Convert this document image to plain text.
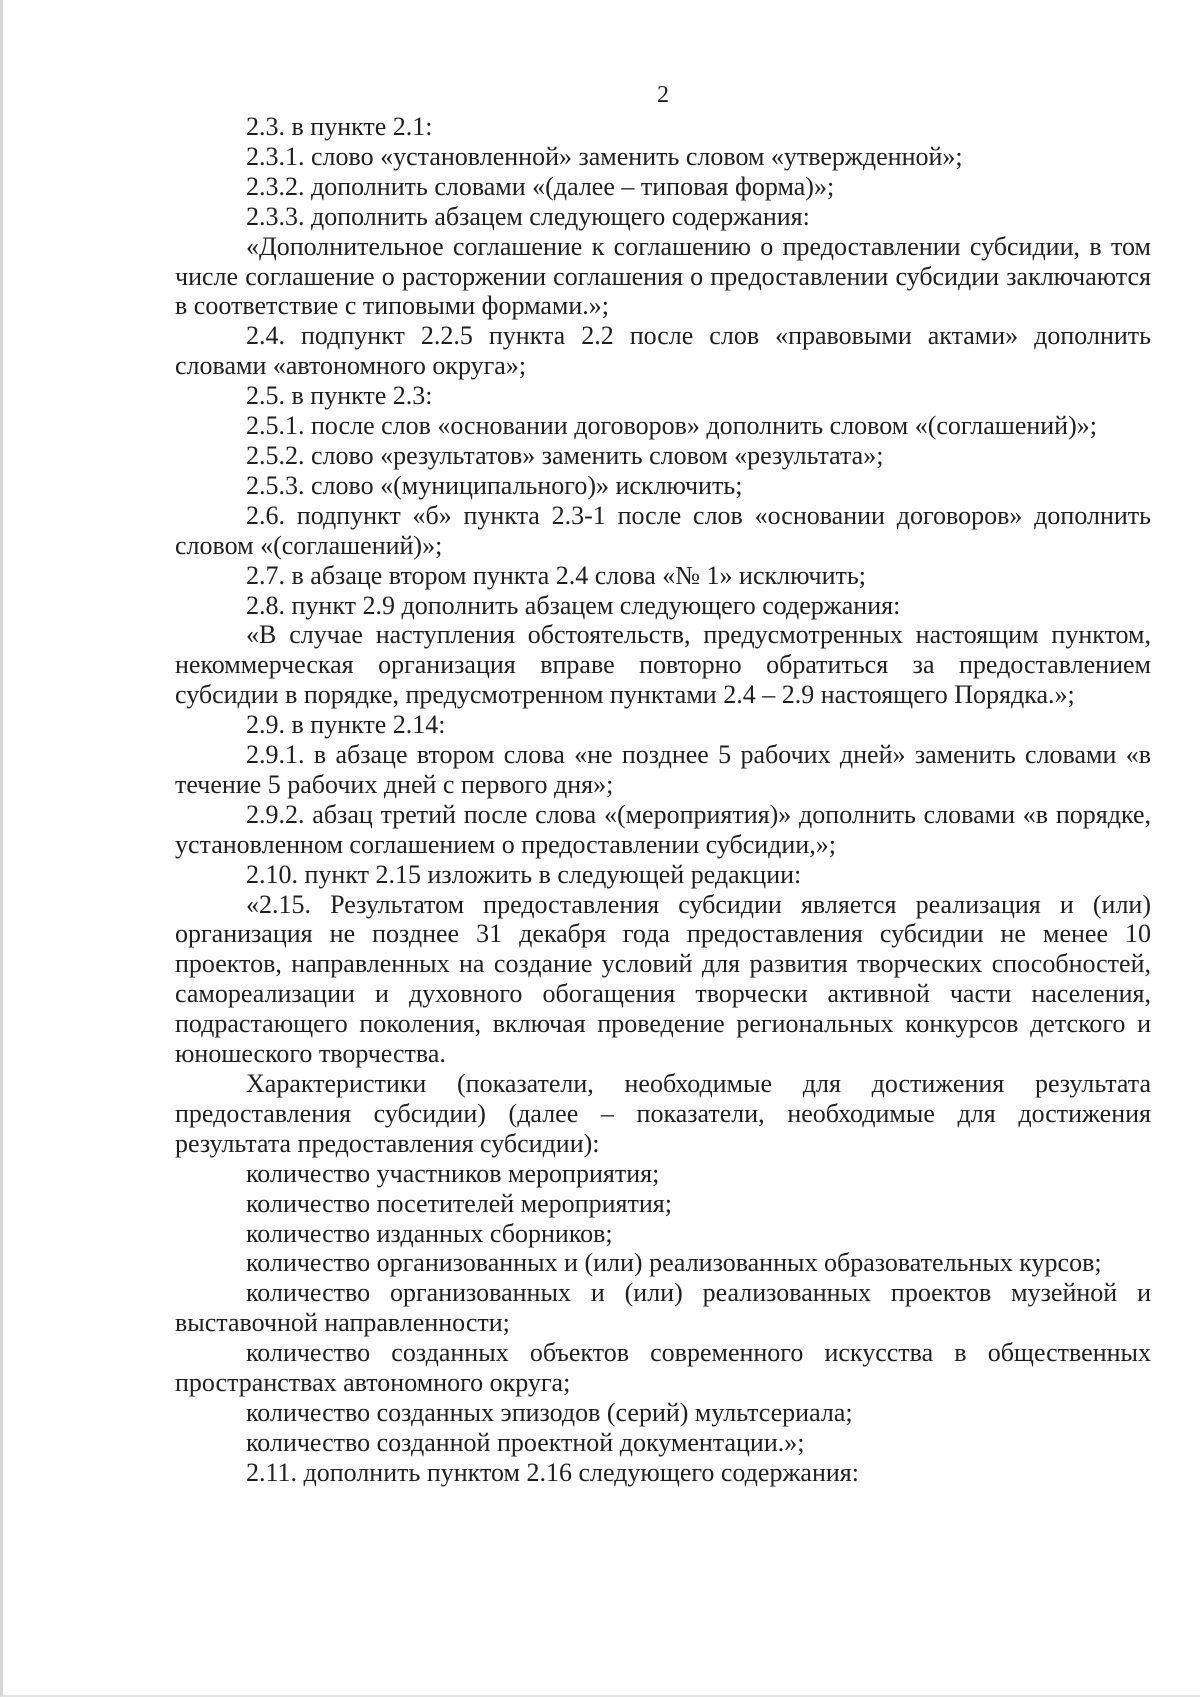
2

2.3. в пункте 2.1:

2.3.1. слово «установленной» заменить словом «утвержденной»;

2.3.2. дополнить словами «(далее – типовая форма)»;

2.3.3. дополнить абзацем следующего содержания:

«Дополнительное соглашение к соглашению о предоставлении субсидии, в том числе соглашение о расторжении соглашения о предоставлении субсидии заключаются в соответствие с типовыми формами.»;

2.4. подпункт 2.2.5 пункта 2.2 после слов «правовыми актами» дополнить словами «автономного округа»;

2.5. в пункте 2.3:

2.5.1. после слов «основании договоров» дополнить словом «(соглашений)»;

2.5.2. слово «результатов» заменить словом «результата»;

2.5.3. слово «(муниципального)» исключить;

2.6. подпункт «б» пункта 2.3-1 после слов «основании договоров» дополнить словом «(соглашений)»;

2.7. в абзаце втором пункта 2.4 слова «№ 1» исключить;

2.8. пункт 2.9 дополнить абзацем следующего содержания:

«В случае наступления обстоятельств, предусмотренных настоящим пунктом, некоммерческая организация вправе повторно обратиться за предоставлением субсидии в порядке, предусмотренном пунктами 2.4 – 2.9 настоящего Порядка.»;

2.9. в пункте 2.14:

2.9.1. в абзаце втором слова «не позднее 5 рабочих дней» заменить словами «в течение 5 рабочих дней с первого дня»;

2.9.2. абзац третий после слова «(мероприятия)» дополнить словами «в порядке, установленном соглашением о предоставлении субсидии,»;

2.10. пункт 2.15 изложить в следующей редакции:

«2.15. Результатом предоставления субсидии является реализация и (или) организация не позднее 31 декабря года предоставления субсидии не менее 10 проектов, направленных на создание условий для развития творческих способностей, самореализации и духовного обогащения творчески активной части населения, подрастающего поколения, включая проведение региональных конкурсов детского и юношеского творчества.

Характеристики (показатели, необходимые для достижения результата предоставления субсидии) (далее – показатели, необходимые для достижения результата предоставления субсидии):

количество участников мероприятия;

количество посетителей мероприятия;

количество изданных сборников;

количество организованных и (или) реализованных образовательных курсов;

количество организованных и (или) реализованных проектов музейной и выставочной направленности;

количество созданных объектов современного искусства в общественных пространствах автономного округа;

количество созданных эпизодов (серий) мультсериала;

количество созданной проектной документации.»;

2.11. дополнить пунктом 2.16 следующего содержания:
